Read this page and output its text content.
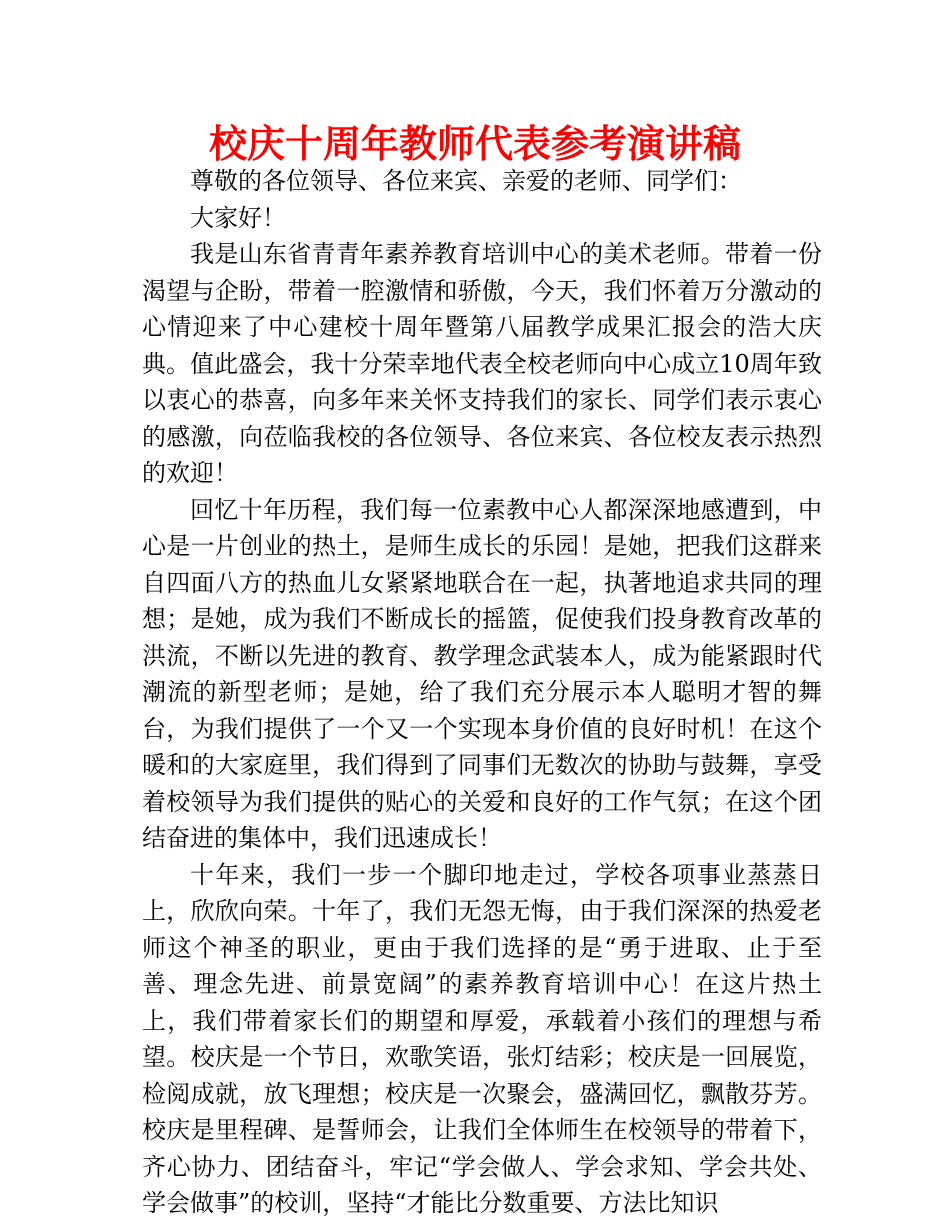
校庆十周年教师代表参考演讲稿

尊敬的各位领导、各位来宾、亲爱的老师、同学们：

大家好！

我是山东省青青年素养教育培训中心的美术老师。带着一份渴望与企盼，带着一腔激情和骄傲，今天，我们怀着万分激动的心情迎来了中心建校十周年暨第八届教学成果汇报会的浩大庆典。值此盛会，我十分荣幸地代表全校老师向中心成立10周年致以衷心的恭喜，向多年来关怀支持我们的家长、同学们表示衷心的感激，向莅临我校的各位领导、各位来宾、各位校友表示热烈的欢迎！

回忆十年历程，我们每一位素教中心人都深深地感遭到，中心是一片创业的热土，是师生成长的乐园！是她，把我们这群来自四面八方的热血儿女紧紧地联合在一起，执著地追求共同的理想；是她，成为我们不断成长的摇篮，促使我们投身教育改革的洪流，不断以先进的教育、教学理念武装本人，成为能紧跟时代潮流的新型老师；是她，给了我们充分展示本人聪明才智的舞台，为我们提供了一个又一个实现本身价值的良好时机！在这个暖和的大家庭里，我们得到了同事们无数次的协助与鼓舞，享受着校领导为我们提供的贴心的关爱和良好的工作气氛；在这个团结奋进的集体中，我们迅速成长！

十年来，我们一步一个脚印地走过，学校各项事业蒸蒸日上，欣欣向荣。十年了，我们无怨无悔，由于我们深深的热爱老师这个神圣的职业，更由于我们选择的是“勇于进取、止于至善、理念先进、前景宽阔”的素养教育培训中心！在这片热土上，我们带着家长们的期望和厚爱，承载着小孩们的理想与希望。校庆是一个节日，欢歌笑语，张灯结彩；校庆是一回展览，检阅成就，放飞理想；校庆是一次聚会，盛满回忆，飘散芬芳。校庆是里程碑、是誓师会，让我们全体师生在校领导的带着下，齐心协力、团结奋斗，牢记“学会做人、学会求知、学会共处、学会做事”的校训，坚持“才能比分数重要、方法比知识
